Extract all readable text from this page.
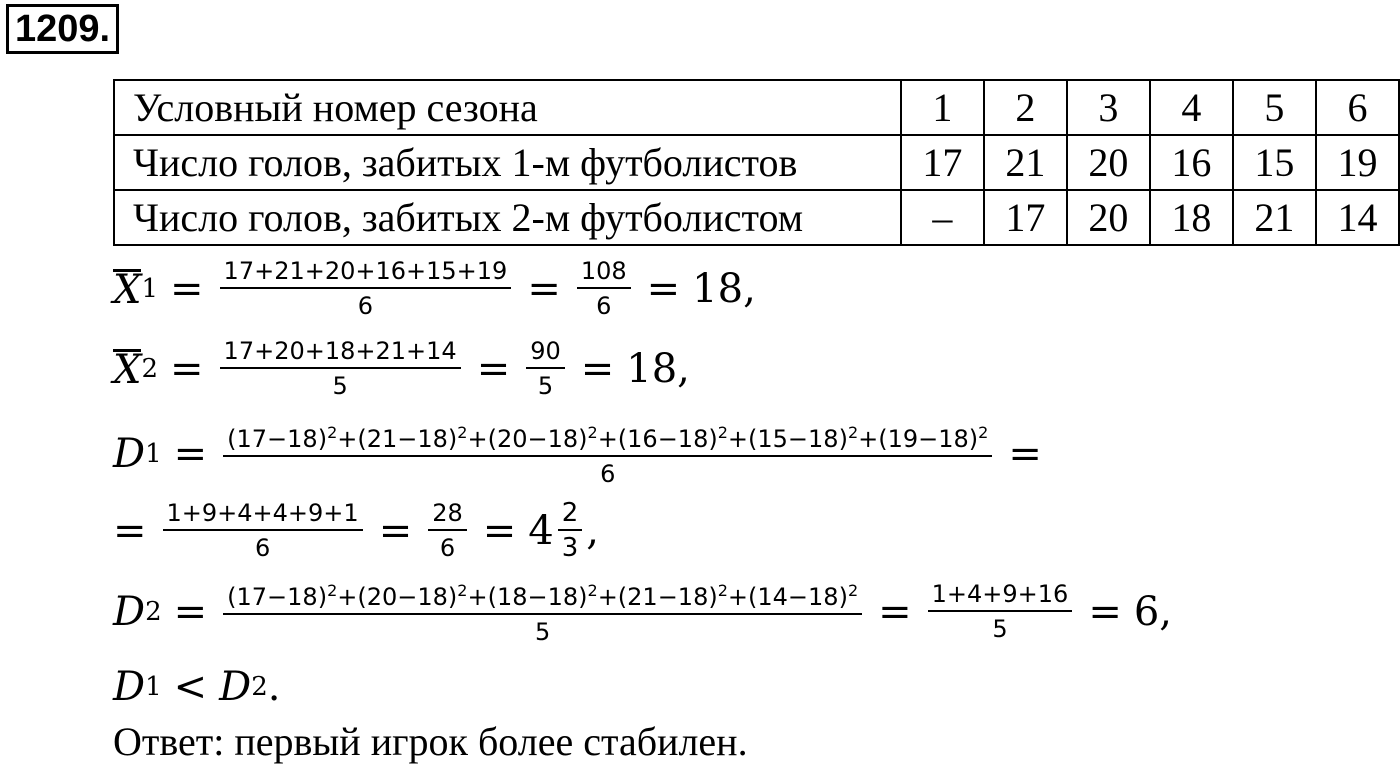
1209.
Условный номер сезона	1	2	3	4	5	6
Число голов, забитых 1-м футболистов	17	21	20	16	15	19
Число голов, забитых 2-м футболистом	–	17	20	18	21	14
X $1 = \frac{17+21+20+16+15+19}{6} = \frac{108}{6} = 18$,
X $2 = \frac{17+20+18+21+14}{5} = \frac{90}{5} = 18$,
D $1 = \frac{(17-18)^2+(21-18)^2+(20-18)^2+(16-18)^2+(15-18)^2+(19-18)^2}{6}$ =
= $\frac{1+9+4+4+9+1}{6} = \frac{28}{6} = 4 \frac{2}{3}$ ,
D $2 = \frac{(17-18)^2+(20-18)^2+(18-18)^2+(21-18)^2+(14-18)^2}{5} = \frac{1+4+9+16}{5} = 6$,
D 1 < D 2 .
Ответ: первый игрок более стабилен.
